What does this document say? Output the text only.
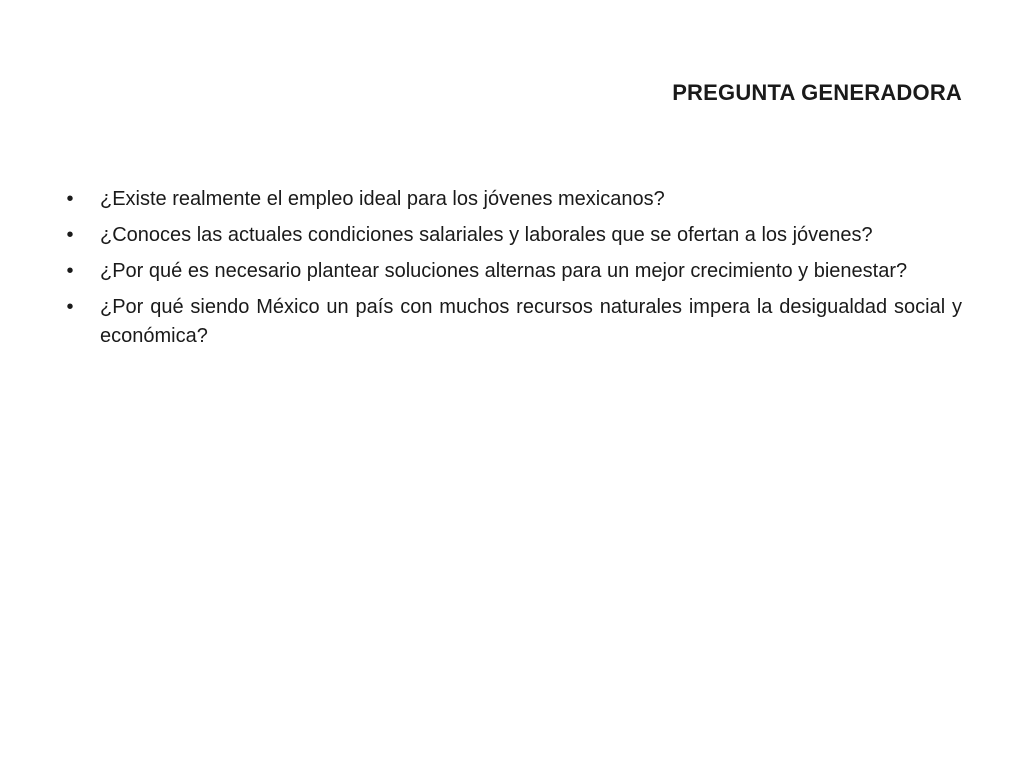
PREGUNTA GENERADORA
• ¿Existe realmente el empleo ideal para los jóvenes mexicanos?
• ¿Conoces las actuales condiciones salariales y laborales que se ofertan a los jóvenes?
• ¿Por qué es necesario plantear soluciones alternas para un mejor crecimiento y bienestar?
• ¿Por qué siendo México un país con muchos recursos naturales impera la desigualdad social y económica?
